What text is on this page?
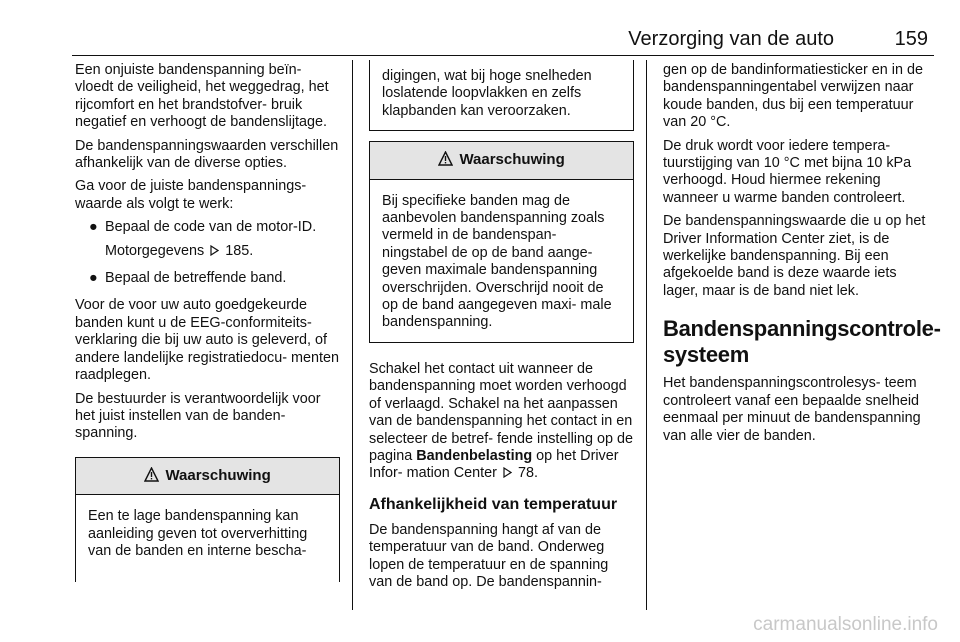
Verzorging van de auto	159

Een onjuiste bandenspanning beïn- vloedt de veiligheid, het weggedrag, het rijcomfort en het brandstofver- bruik negatief en verhoogt de bandenslijtage.

De bandenspanningswaarden verschillen afhankelijk van de diverse opties.

Ga voor de juiste bandenspannings- waarde als volgt te werk:

● Bepaal de code van de motor-ID.
Motorgegevens 185.
● Bepaal de betreffende band.

Voor de voor uw auto goedgekeurde banden kunt u de EEG-conformiteits- verklaring die bij uw auto is geleverd, of andere landelijke registratiedocu- menten raadplegen.

De bestuurder is verantwoordelijk voor het juist instellen van de banden- spanning.

Waarschuwing

Een te lage bandenspanning kan aanleiding geven tot oververhitting van de banden en interne bescha-

digingen, wat bij hoge snelheden loslatende loopvlakken en zelfs klapbanden kan veroorzaken.

Waarschuwing

Bij specifieke banden mag de aanbevolen bandenspanning zoals vermeld in de bandenspan- ningstabel de op de band aange- geven maximale bandenspanning overschrijden. Overschrijd nooit de op de band aangegeven maxi- male bandenspanning.

Schakel het contact uit wanneer de bandenspanning moet worden verhoogd of verlaagd. Schakel na het aanpassen van de bandenspanning het contact in en selecteer de betref- fende instelling op de pagina Bandenbelasting op het Driver Infor- mation Center 78.

Afhankelijkheid van temperatuur

De bandenspanning hangt af van de temperatuur van de band. Onderweg lopen de temperatuur en de spanning van de band op. De bandenspannin-

gen op de bandinformatiesticker en in de bandenspanningentabel verwijzen naar koude banden, dus bij een temperatuur van 20 °C.

De druk wordt voor iedere tempera- tuurstijging van 10 °C met bijna 10 kPa verhoogd. Houd hiermee rekening wanneer u warme banden controleert.

De bandenspanningswaarde die u op het Driver Information Center ziet, is de werkelijke bandenspanning. Bij een afgekoelde band is deze waarde iets lager, maar is de band niet lek.

Bandenspanningscontrole- systeem

Het bandenspanningscontrolesys- teem controleert vanaf een bepaalde snelheid eenmaal per minuut de bandenspanning van alle vier de banden.

carmanualsonline.info
